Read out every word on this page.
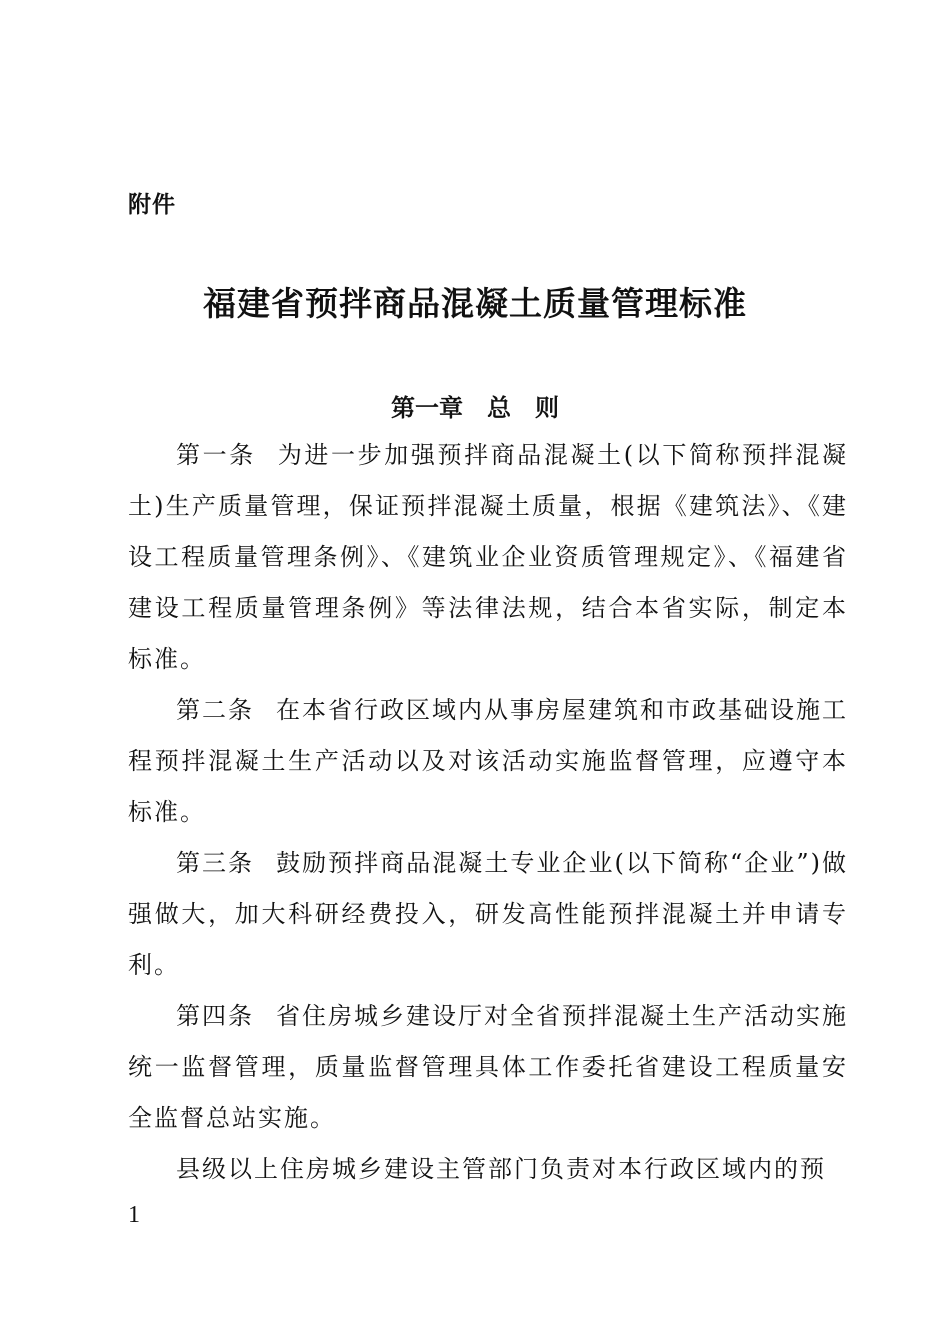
附件
福建省预拌商品混凝土质量管理标准
第一章　总　则

第一条 为进一步加强预拌商品混凝土(以下简称预拌混凝土)生产质量管理，保证预拌混凝土质量，根据《建筑法》、《建设工程质量管理条例》、《建筑业企业资质管理规定》、《福建省建设工程质量管理条例》等法律法规，结合本省实际，制定本标准。

第二条 在本省行政区域内从事房屋建筑和市政基础设施工程预拌混凝土生产活动以及对该活动实施监督管理，应遵守本标准。

第三条 鼓励预拌商品混凝土专业企业(以下简称“企业”)做强做大，加大科研经费投入，研发高性能预拌混凝土并申请专利。

第四条 省住房城乡建设厅对全省预拌混凝土生产活动实施统一监督管理，质量监督管理具体工作委托省建设工程质量安全监督总站实施。

县级以上住房城乡建设主管部门负责对本行政区域内的预

1
